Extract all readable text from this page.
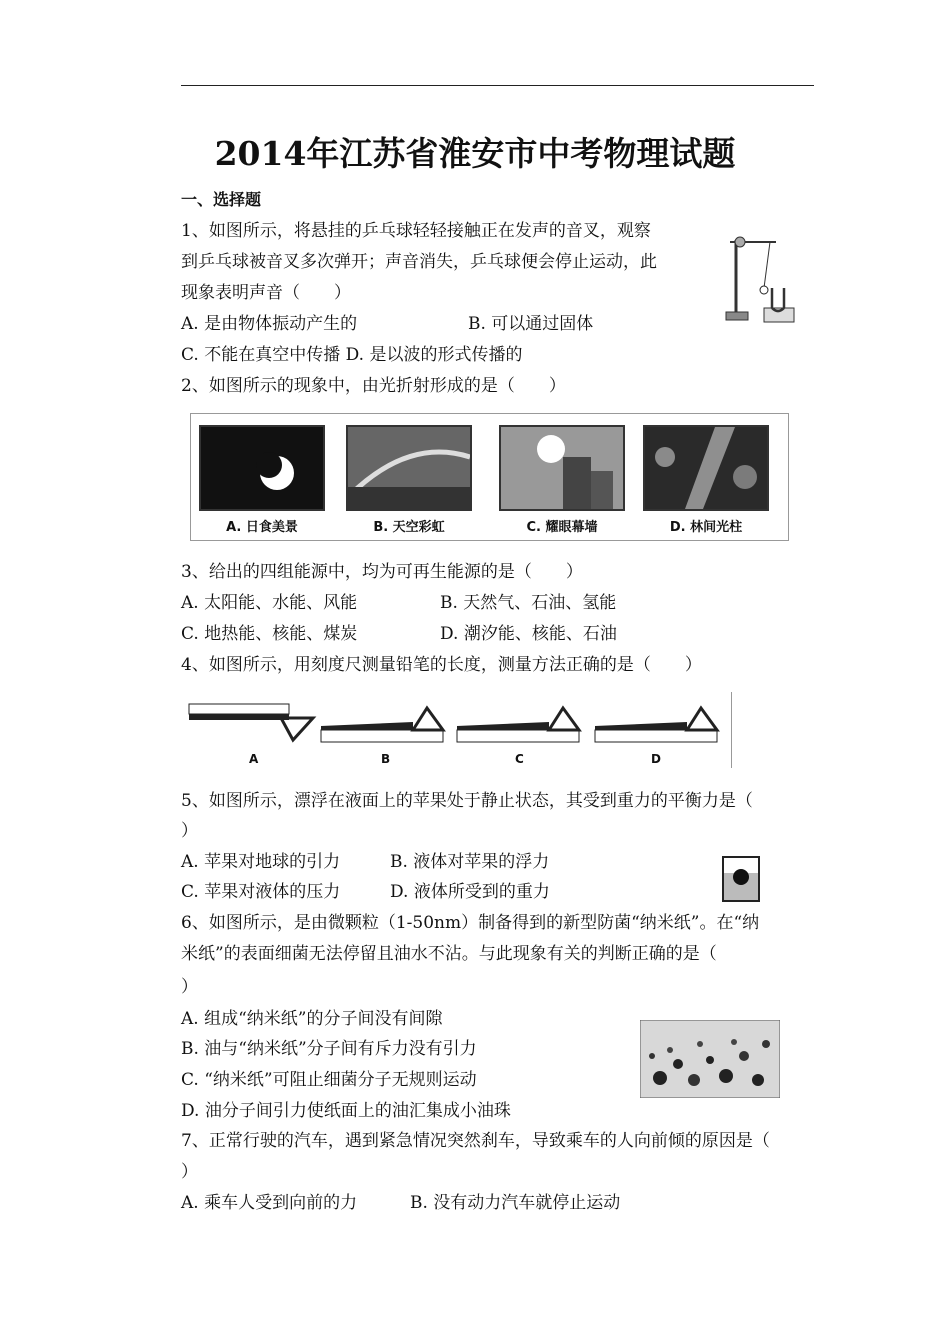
2014年江苏省淮安市中考物理试题
一、选择题
1、如图所示，将悬挂的乒乓球轻轻接触正在发声的音叉，观察
到乒乓球被音叉多次弹开；声音消失，乒乓球便会停止运动，此
现象表明声音（　　）
A. 是由物体振动产生的	B. 可以通过固体
C. 不能在真空中传播 D. 是以波的形式传播的
2、如图所示的现象中，由光折射形成的是（　　）
A. 日食美景	B. 天空彩虹	C. 耀眼幕墙	D. 林间光柱
3、给出的四组能源中，均为可再生能源的是（　　）
A. 太阳能、水能、风能	B. 天然气、石油、氢能
C. 地热能、核能、煤炭	D. 潮汐能、核能、石油
4、如图所示，用刻度尺测量铅笔的长度，测量方法正确的是（　　）
A	B	C	D
5、如图所示，漂浮在液面上的苹果处于静止状态，其受到重力的平衡力是（
）
A. 苹果对地球的引力	B. 液体对苹果的浮力
C. 苹果对液体的压力	D. 液体所受到的重力
6、如图所示，是由微颗粒（1-50nm）制备得到的新型防菌“纳米纸”。在“纳
米纸”的表面细菌无法停留且油水不沾。与此现象有关的判断正确的是（
）
A. 组成“纳米纸”的分子间没有间隙
B. 油与“纳米纸”分子间有斥力没有引力
C. “纳米纸”可阻止细菌分子无规则运动
D. 油分子间引力使纸面上的油汇集成小油珠
7、正常行驶的汽车，遇到紧急情况突然刹车，导致乘车的人向前倾的原因是（
）
A. 乘车人受到向前的力	B. 没有动力汽车就停止运动
